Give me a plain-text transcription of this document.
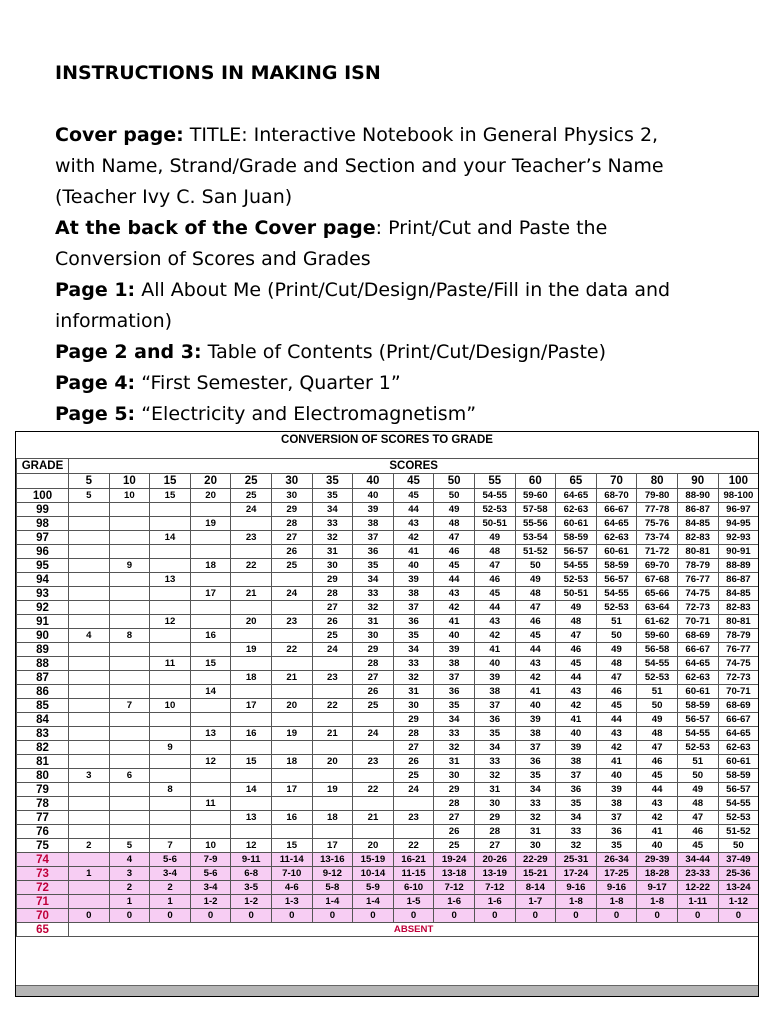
INSTRUCTIONS IN MAKING ISN
Cover page: TITLE: Interactive Notebook in General Physics 2,
with Name, Strand/Grade and Section and your Teacher’s Name
(Teacher Ivy C. San Juan)
At the back of the Cover page: Print/Cut and Paste the
Conversion of Scores and Grades
Page 1: All About Me (Print/Cut/Design/Paste/Fill in the data and
information)
Page 2 and 3: Table of Contents (Print/Cut/Design/Paste)
Page 4: “First Semester, Quarter 1”
Page 5: “Electricity and Electromagnetism”
CONVERSION OF SCORES TO GRADE
GRADE	SCORES																
	5	10	15	20	25	30	35	40	45	50	55	60	65	70	80	90	100
100	5	10	15	20	25	30	35	40	45	50	54-55	59-60	64-65	68-70	79-80	88-90	98-100
99					24	29	34	39	44	49	52-53	57-58	62-63	66-67	77-78	86-87	96-97
98				19		28	33	38	43	48	50-51	55-56	60-61	64-65	75-76	84-85	94-95
97			14		23	27	32	37	42	47	49	53-54	58-59	62-63	73-74	82-83	92-93
96						26	31	36	41	46	48	51-52	56-57	60-61	71-72	80-81	90-91
95		9		18	22	25	30	35	40	45	47	50	54-55	58-59	69-70	78-79	88-89
94			13				29	34	39	44	46	49	52-53	56-57	67-68	76-77	86-87
93				17	21	24	28	33	38	43	45	48	50-51	54-55	65-66	74-75	84-85
92							27	32	37	42	44	47	49	52-53	63-64	72-73	82-83
91			12		20	23	26	31	36	41	43	46	48	51	61-62	70-71	80-81
90	4	8		16			25	30	35	40	42	45	47	50	59-60	68-69	78-79
89					19	22	24	29	34	39	41	44	46	49	56-58	66-67	76-77
88			11	15				28	33	38	40	43	45	48	54-55	64-65	74-75
87					18	21	23	27	32	37	39	42	44	47	52-53	62-63	72-73
86				14				26	31	36	38	41	43	46	51	60-61	70-71
85		7	10		17	20	22	25	30	35	37	40	42	45	50	58-59	68-69
84									29	34	36	39	41	44	49	56-57	66-67
83				13	16	19	21	24	28	33	35	38	40	43	48	54-55	64-65
82			9						27	32	34	37	39	42	47	52-53	62-63
81				12	15	18	20	23	26	31	33	36	38	41	46	51	60-61
80	3	6							25	30	32	35	37	40	45	50	58-59
79			8		14	17	19	22	24	29	31	34	36	39	44	49	56-57
78				11						28	30	33	35	38	43	48	54-55
77					13	16	18	21	23	27	29	32	34	37	42	47	52-53
76										26	28	31	33	36	41	46	51-52
75	2	5	7	10	12	15	17	20	22	25	27	30	32	35	40	45	50
74		4	5-6	7-9	9-11	11-14	13-16	15-19	16-21	19-24	20-26	22-29	25-31	26-34	29-39	34-44	37-49
73	1	3	3-4	5-6	6-8	7-10	9-12	10-14	11-15	13-18	13-19	15-21	17-24	17-25	18-28	23-33	25-36
72		2	2	3-4	3-5	4-6	5-8	5-9	6-10	7-12	7-12	8-14	9-16	9-16	9-17	12-22	13-24
71		1	1	1-2	1-2	1-3	1-4	1-4	1-5	1-6	1-6	1-7	1-8	1-8	1-8	1-11	1-12
70	0	0	0	0	0	0	0	0	0	0	0	0	0	0	0	0	0
65	ABSENT																
